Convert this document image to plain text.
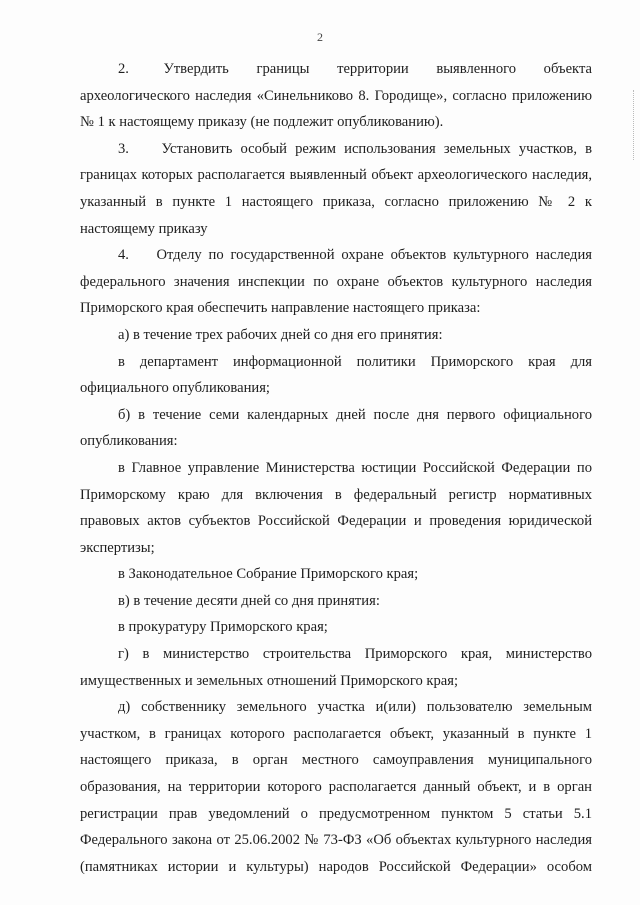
2

2.     Утвердить    границы    территории    выявленного    объекта археологического наследия «Синельниково 8. Городище», согласно приложению № 1 к настоящему приказу (не подлежит опубликованию).

3.    Установить особый режим использования земельных участков, в границах которых располагается выявленный объект археологического наследия, указанный в пункте 1 настоящего приказа, согласно приложению № 2 к настоящему приказу

4.    Отделу по государственной охране объектов культурного наследия федерального значения инспекции по охране объектов культурного наследия Приморского края обеспечить направление настоящего приказа:

а) в течение трех рабочих дней со дня его принятия:

в департамент информационной политики Приморского края для официального опубликования;

б) в течение семи календарных дней после дня первого официального опубликования:

в Главное управление Министерства юстиции Российской Федерации по Приморскому краю для включения в федеральный регистр нормативных правовых актов субъектов Российской Федерации и проведения юридической экспертизы;

в Законодательное Собрание Приморского края;

в) в течение десяти дней со дня принятия:

в прокуратуру Приморского края;

г) в министерство строительства Приморского края, министерство имущественных и земельных отношений Приморского края;

д) собственнику земельного участка и(или) пользователю земельным участком, в границах которого располагается объект, указанный в пункте 1 настоящего приказа, в орган местного самоуправления муниципального образования, на территории которого располагается данный объект, и в орган регистрации прав уведомлений о предусмотренном пунктом 5 статьи 5.1 Федерального закона от 25.06.2002 № 73-ФЗ «Об объектах культурного наследия (памятниках истории и культуры) народов Российской Федерации» особом
